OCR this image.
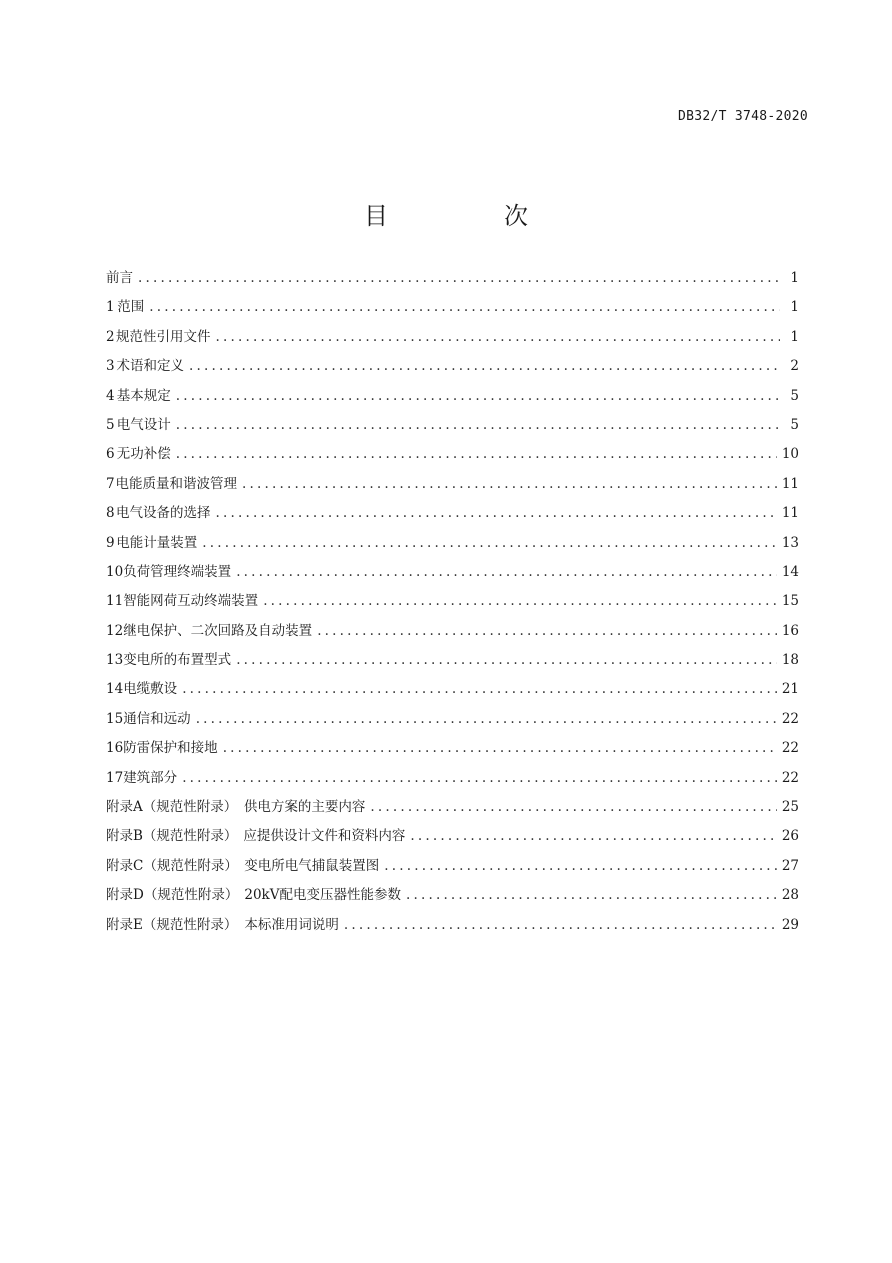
DB32/T 3748-2020
目　次
前言 .....	1
1 范围 .....	1
2 规范性引用文件 .....	1
3 术语和定义 .....	2
4 基本规定 .....	5
5 电气设计 .....	5
6 无功补偿 .....	10
7 电能质量和谐波管理 .....	11
8 电气设备的选择 .....	11
9 电能计量装置 .....	13
10 负荷管理终端装置 .....	14
11 智能网荷互动终端装置 .....	15
12 继电保护、二次回路及自动装置 .....	16
13 变电所的布置型式 .....	18
14 电缆敷设 .....	21
15 通信和远动 .....	22
16 防雷保护和接地 .....	22
17 建筑部分 .....	22
附录A（规范性附录） 供电方案的主要内容 .....	25
附录B（规范性附录） 应提供设计文件和资料内容 .....	26
附录C（规范性附录） 变电所电气捕鼠装置图 .....	27
附录D（规范性附录） 20kV配电变压器性能参数 .....	28
附录E（规范性附录） 本标准用词说明 .....	29
